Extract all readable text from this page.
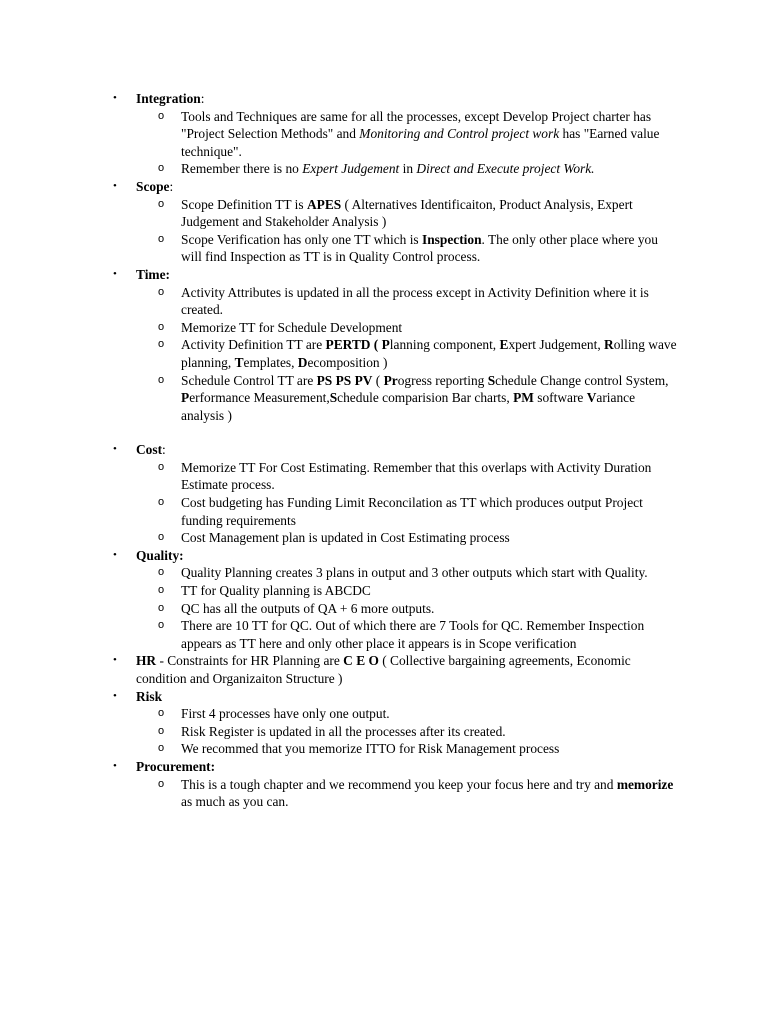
• Integration:
o Tools and Techniques are same for all the processes, except Develop Project charter has "Project Selection Methods" and Monitoring and Control project work has "Earned value technique".
o Remember there is no Expert Judgement in Direct and Execute project Work.
• Scope:
o Scope Definition TT is APES ( Alternatives Identificaiton, Product Analysis, Expert Judgement and Stakeholder Analysis )
o Scope Verification has only one TT which is Inspection. The only other place where you will find Inspection as TT is in Quality Control process.
• Time:
o Activity Attributes is updated in all the process except in Activity Definition where it is created.
o Memorize TT for Schedule Development
o Activity Definition TT are PERTD ( Planning component, Expert Judgement, Rolling wave planning, Templates, Decomposition )
o Schedule Control TT are PS PS PV ( Progress reporting Schedule Change control System, Performance Measurement,Schedule comparision Bar charts, PM software Variance analysis )
• Cost:
o Memorize TT For Cost Estimating. Remember that this overlaps with Activity Duration Estimate process.
o Cost budgeting has Funding Limit Reconcilation as TT which produces output Project funding requirements
o Cost Management plan is updated in Cost Estimating process
• Quality:
o Quality Planning creates 3 plans in output and 3 other outputs which start with Quality.
o TT for Quality planning is ABCDC
o QC has all the outputs of QA + 6 more outputs.
o There are 10 TT for QC. Out of which there are 7 Tools for QC. Remember Inspection appears as TT here and only other place it appears is in Scope verification
• HR - Constraints for HR Planning are C E O ( Collective bargaining agreements, Economic condition and Organizaiton Structure )
• Risk
o First 4 processes have only one output.
o Risk Register is updated in all the processes after its created.
o We recommed that you memorize ITTO for Risk Management process
• Procurement:
o This is a tough chapter and we recommend you keep your focus here and try and memorize as much as you can.
